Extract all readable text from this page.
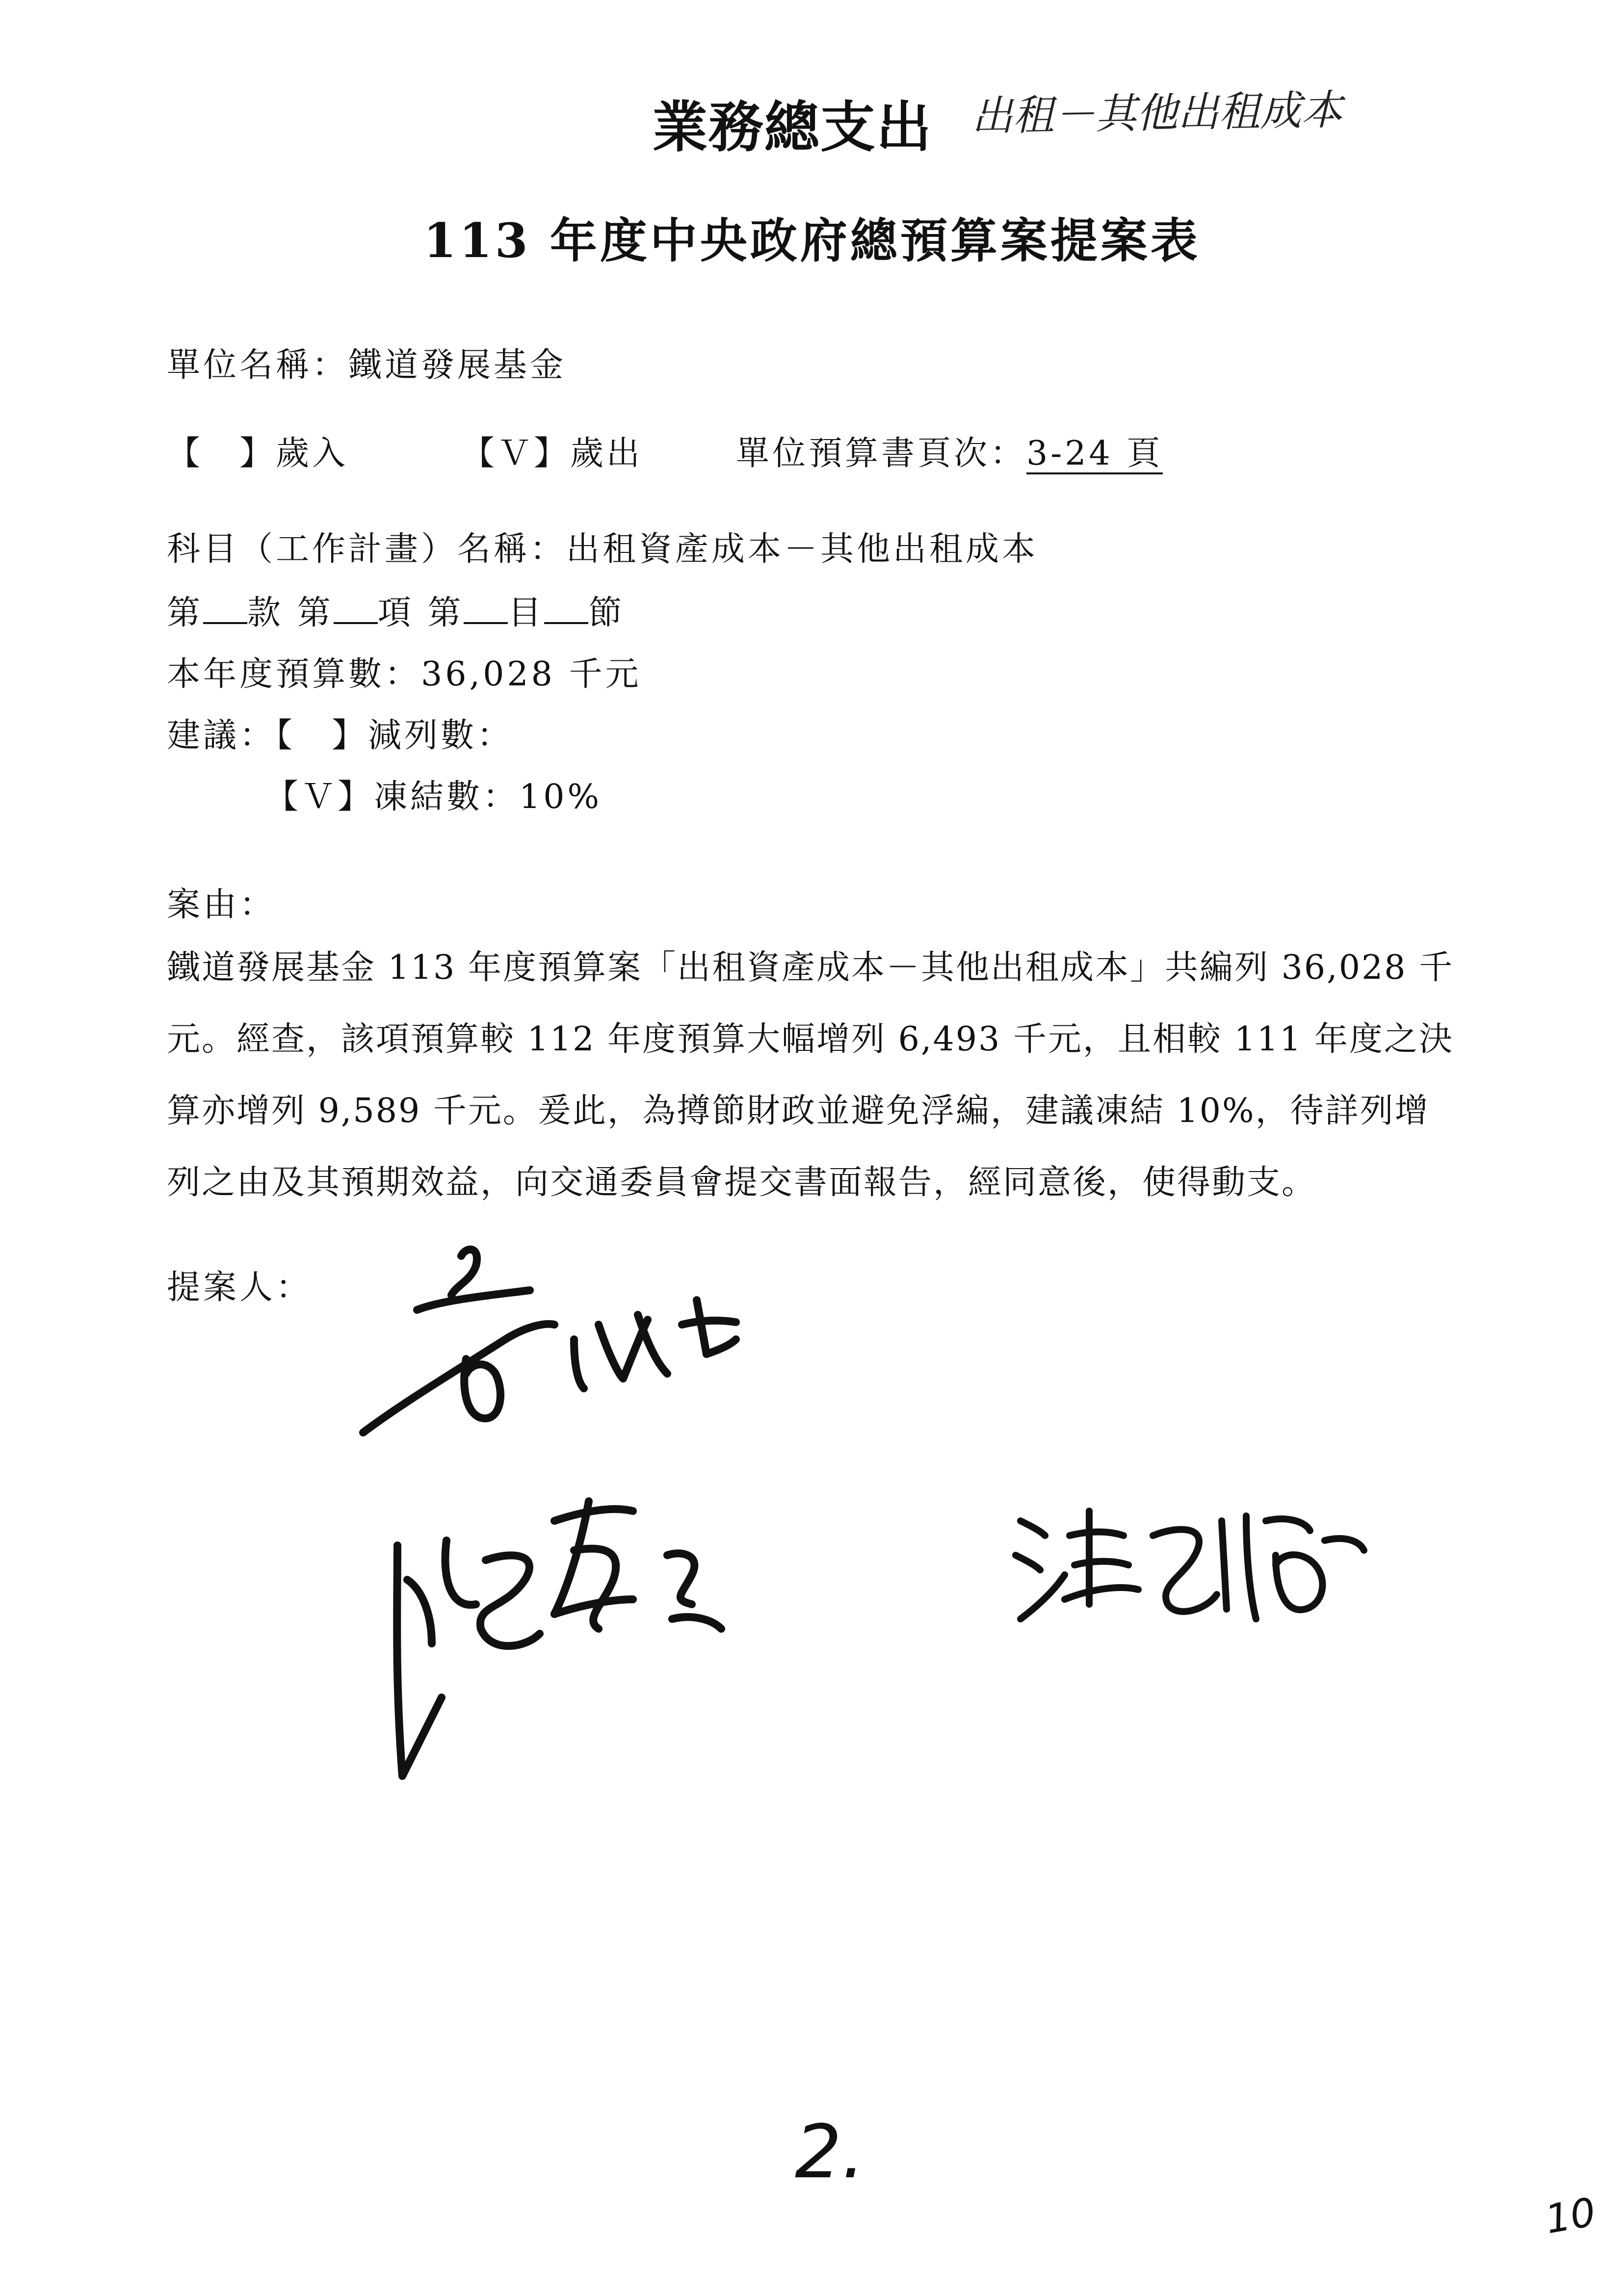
業務總支出 出租－其他出租成本
113 年度中央政府總預算案提案表
單位名稱：鐵道發展基金
【　】歲入	【Ｖ】歲出	單位預算書頁次：3-24 頁
科目（工作計畫）名稱：出租資產成本－其他出租成本
第 款 第 項 第 目 節
本年度預算數：36,028 千元
建議：【　】減列數：
【Ｖ】凍結數：10%
案由：
鐵道發展基金 113 年度預算案「出租資產成本－其他出租成本」共編列 36,028 千
元。經查，該項預算較 112 年度預算大幅增列 6,493 千元，且相較 111 年度之決
算亦增列 9,589 千元。爰此，為撙節財政並避免浮編，建議凍結 10%，待詳列增
列之由及其預期效益，向交通委員會提交書面報告，經同意後，使得動支。
提案人：
2.
10
